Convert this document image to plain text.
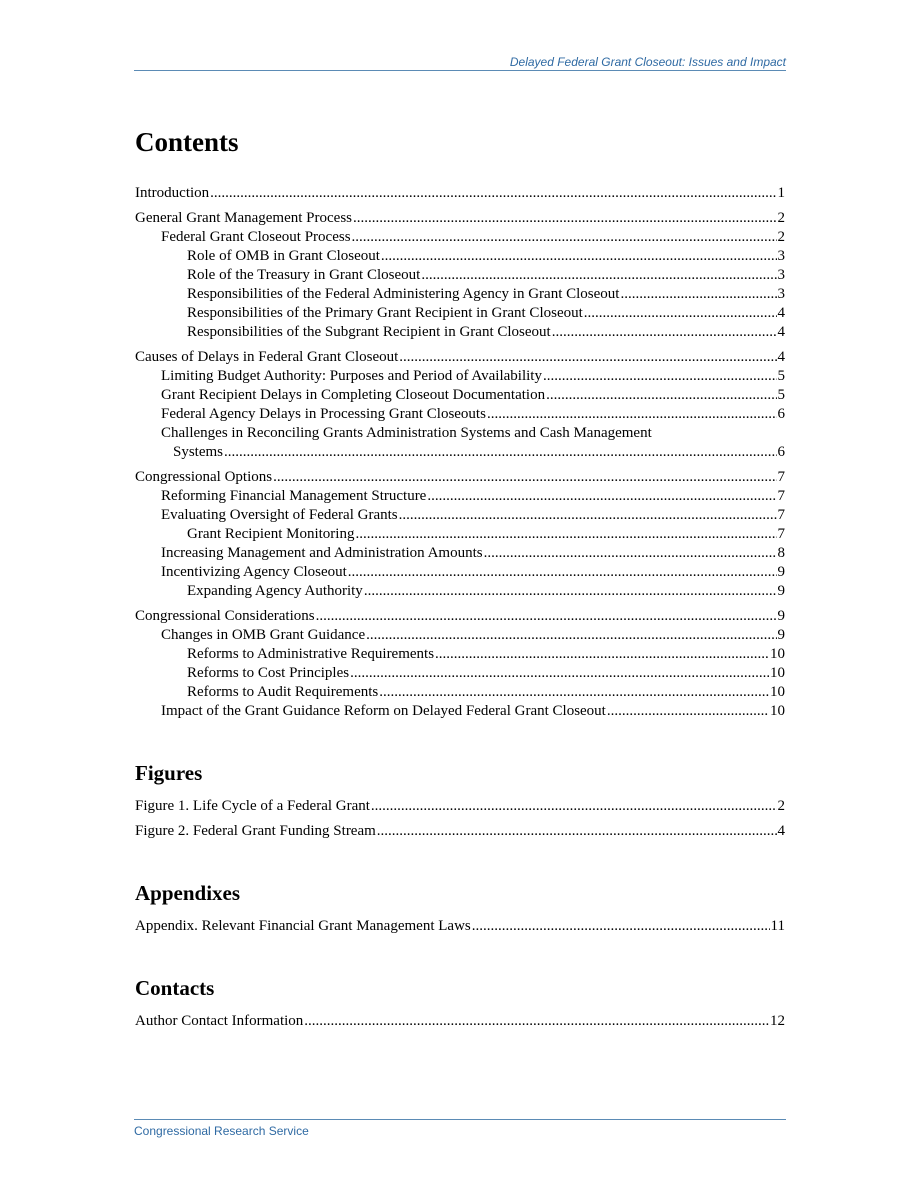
Delayed Federal Grant Closeout: Issues and Impact
Contents
Introduction .....	1
General Grant Management Process .....	2
Federal Grant Closeout Process .....	2
Role of OMB in Grant Closeout .....	3
Role of the Treasury in Grant Closeout .....	3
Responsibilities of the Federal Administering Agency in Grant Closeout .....	3
Responsibilities of the Primary Grant Recipient in Grant Closeout .....	4
Responsibilities of the Subgrant Recipient in Grant Closeout .....	4
Causes of Delays in Federal Grant Closeout .....	4
Limiting Budget Authority: Purposes and Period of Availability .....	5
Grant Recipient Delays in Completing Closeout Documentation .....	5
Federal Agency Delays in Processing Grant Closeouts .....	6
Challenges in Reconciling Grants Administration Systems and Cash Management
Systems .....	6
Congressional Options .....	7
Reforming Financial Management Structure .....	7
Evaluating Oversight of Federal Grants .....	7
Grant Recipient Monitoring .....	7
Increasing Management and Administration Amounts .....	8
Incentivizing Agency Closeout .....	9
Expanding Agency Authority .....	9
Congressional Considerations .....	9
Changes in OMB Grant Guidance .....	9
Reforms to Administrative Requirements .....	10
Reforms to Cost Principles .....	10
Reforms to Audit Requirements .....	10
Impact of the Grant Guidance Reform on Delayed Federal Grant Closeout .....	10
Figures
Figure 1. Life Cycle of a Federal Grant .....	2
Figure 2. Federal Grant Funding Stream .....	4
Appendixes
Appendix. Relevant Financial Grant Management Laws .....	11
Contacts
Author Contact Information .....	12
Congressional Research Service
